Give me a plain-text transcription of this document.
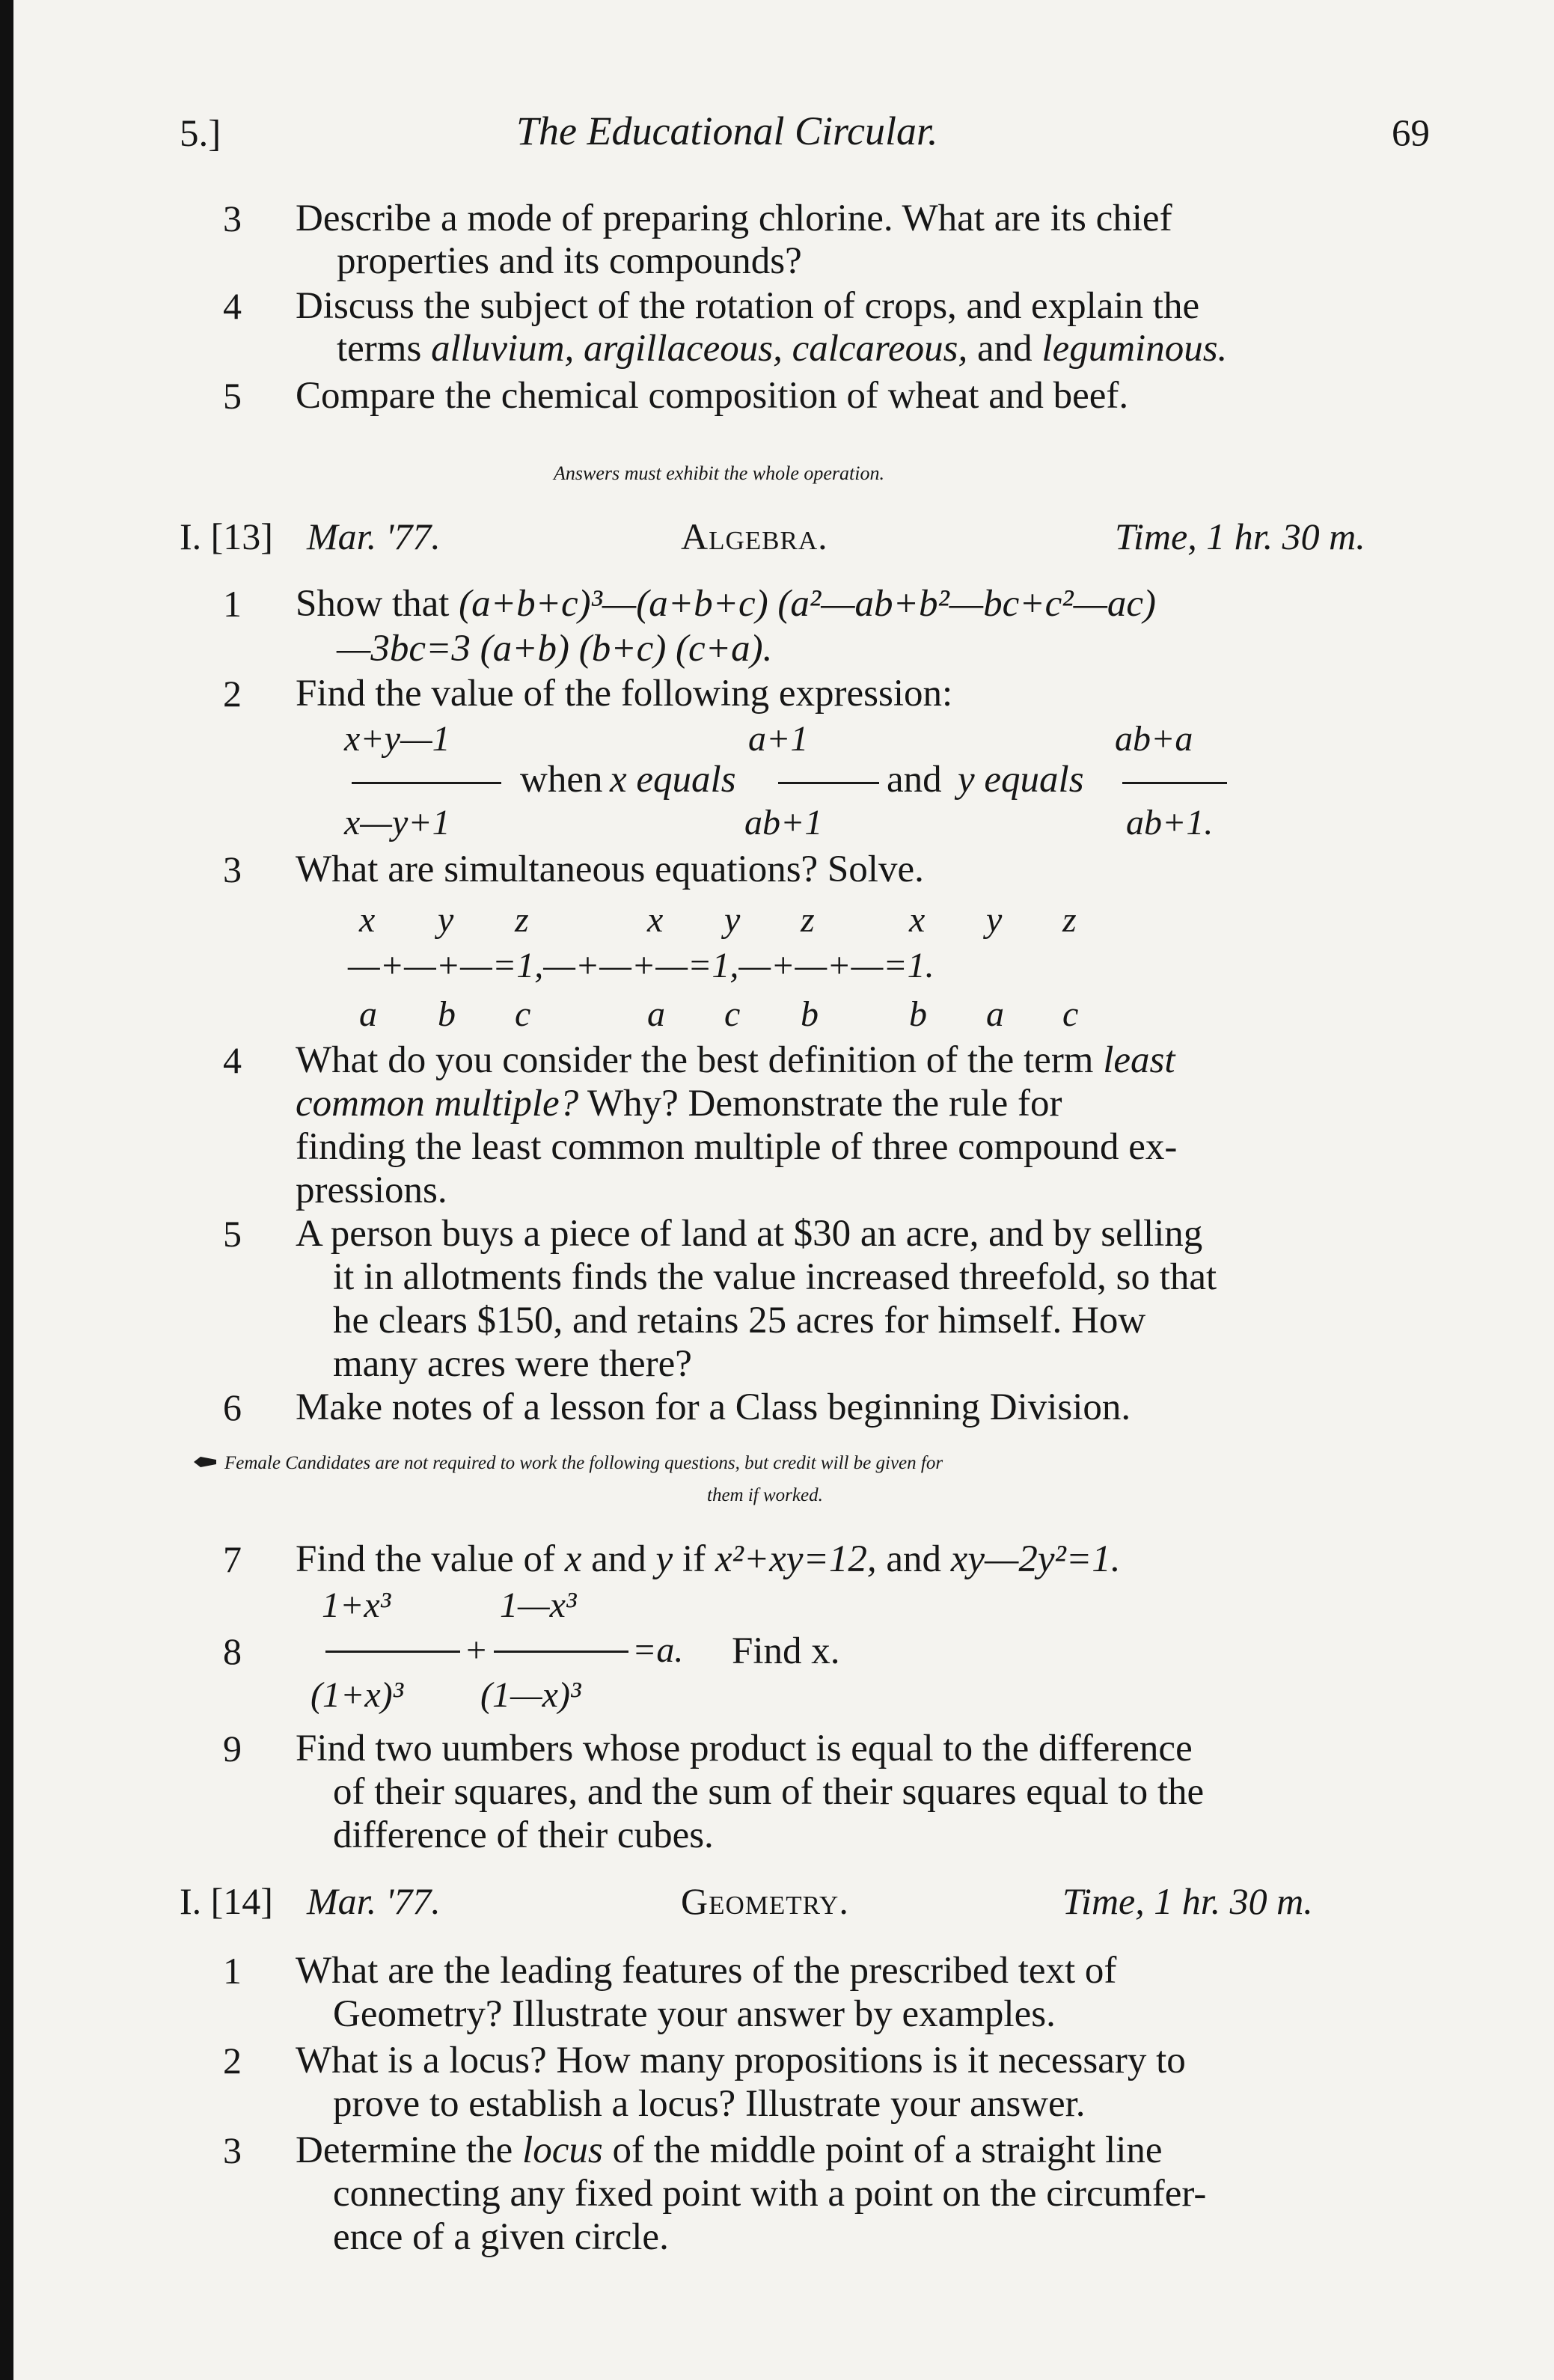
5.]	The Educational Circular.	69
3 Describe a mode of preparing chlorine. What are its chief
properties and its compounds?
4 Discuss the subject of the rotation of crops, and explain the
terms alluvium, argillaceous, calcareous, and leguminous.
5 Compare the chemical composition of wheat and beef.
Answers must exhibit the whole operation.
I. [13] Mar. '77.	Algebra.	Time, 1 hr. 30 m.
1 Show that (a+b+c)³—(a+b+c) (a²—ab+b²—bc+c²—ac)
—3bc=3 (a+b) (b+c) (c+a).
2 Find the value of the following expression:
x+y—1
x—y+1
when x equals
a+1
ab+1
and y equals
ab+a
ab+1.
3 What are simultaneous equations? Solve.
x y z	x y z	x y z
—+—+—=1,—+—+—=1,—+—+—=1.
a b c	a c b	b a c
4 What do you consider the best definition of the term least
common multiple? Why? Demonstrate the rule for
finding the least common multiple of three compound ex-
pressions.
5 A person buys a piece of land at $30 an acre, and by selling
it in allotments finds the value increased threefold, so that
he clears $150, and retains 25 acres for himself. How
many acres were there?
6 Make notes of a lesson for a Class beginning Division.
Female Candidates are not required to work the following questions, but credit will be given for
them if worked.
7 Find the value of x and y if x²+xy=12, and xy—2y²=1.
1+x³	1—x³
8	+	=a. Find x.
(1+x)³ (1—x)³
9 Find two uumbers whose product is equal to the difference
of their squares, and the sum of their squares equal to the
difference of their cubes.
I. [14] Mar. '77.	Geometry.	Time, 1 hr. 30 m.
1 What are the leading features of the prescribed text of
Geometry? Illustrate your answer by examples.
2 What is a locus? How many propositions is it necessary to
prove to establish a locus? Illustrate your answer.
3 Determine the locus of the middle point of a straight line
connecting any fixed point with a point on the circumfer-
ence of a given circle.
